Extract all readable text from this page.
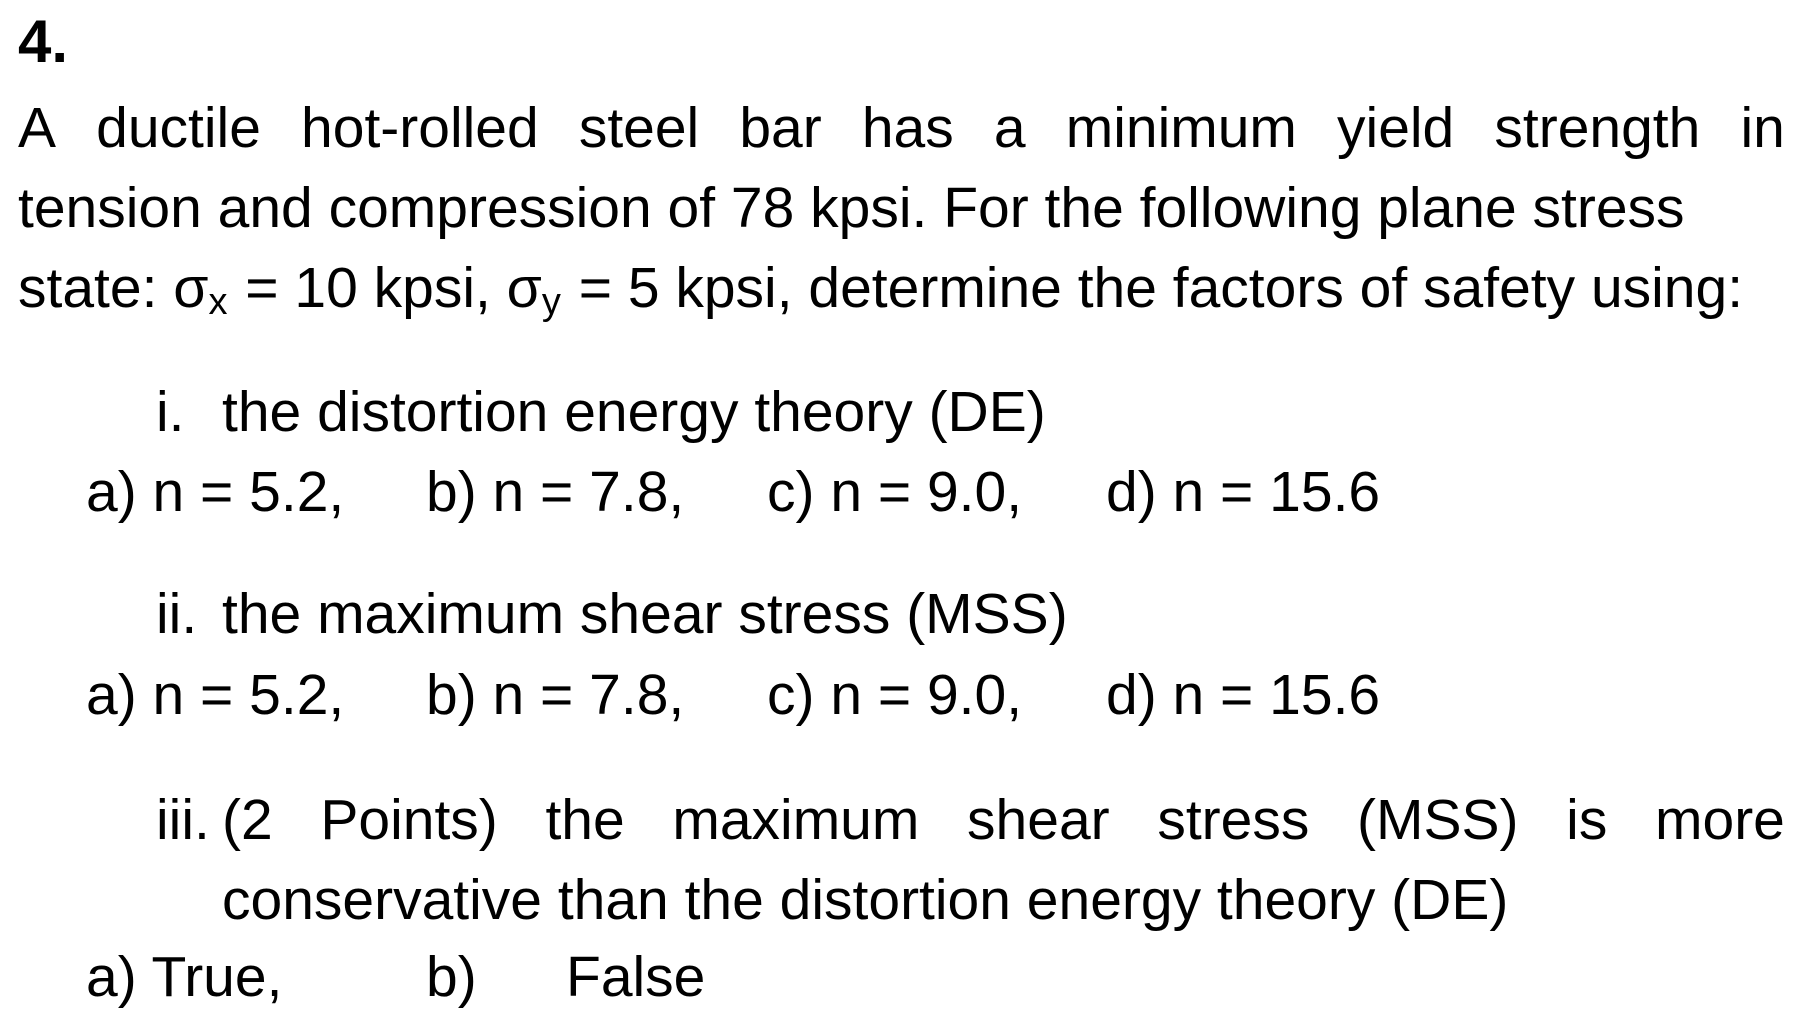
4.
A ductile hot-rolled steel bar has a minimum yield strength in
tension and compression of 78 kpsi. For the following plane stress
state: σx = 10 kpsi, σy = 5 kpsi, determine the factors of safety using:
i. the distortion energy theory (DE)
a) n = 5.2, b) n = 7.8, c) n = 9.0, d) n = 15.6
ii. the maximum shear stress (MSS)
a) n = 5.2, b) n = 7.8, c) n = 9.0, d) n = 15.6
iii. (2 Points) the maximum shear stress (MSS) is more
conservative than the distortion energy theory (DE)
a) True,	b) False
